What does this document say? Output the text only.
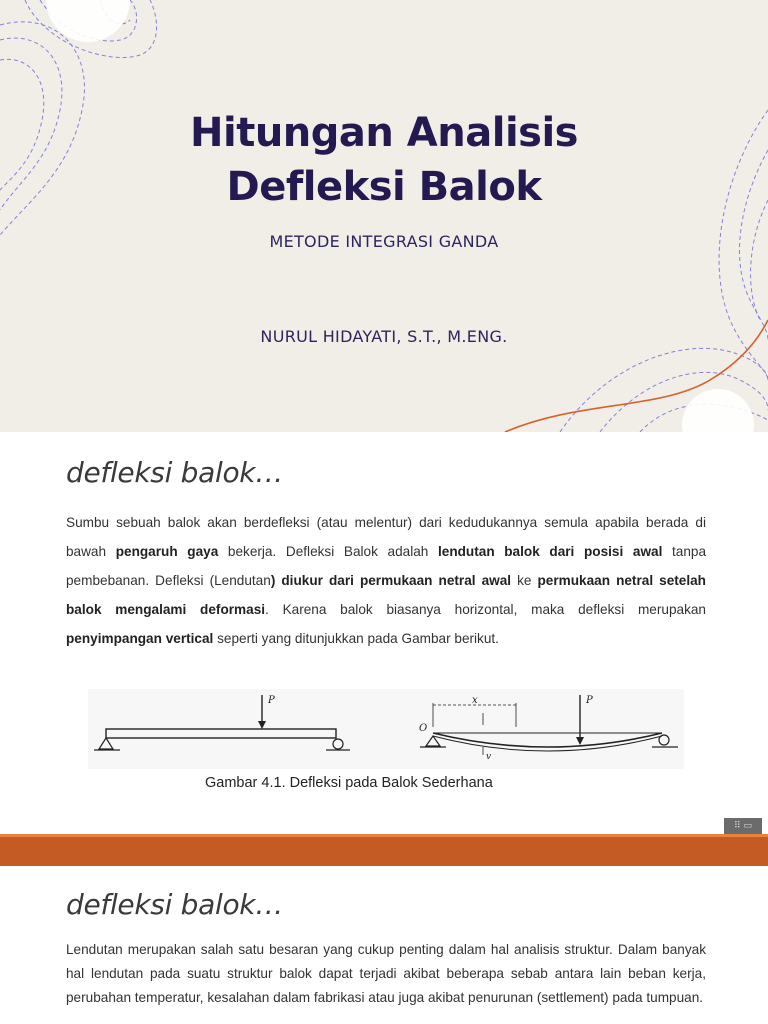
Hitungan Analisis
Defleksi Balok
METODE INTEGRASI GANDA
NURUL HIDAYATI, S.T., M.ENG.
defleksi balok…

Sumbu sebuah balok akan berdefleksi (atau melentur) dari kedudukannya semula apabila berada di bawah pengaruh gaya bekerja. Defleksi Balok adalah lendutan balok dari posisi awal tanpa pembebanan. Defleksi (Lendutan) diukur dari permukaan netral awal ke permukaan netral setelah balok mengalami deformasi. Karena balok biasanya horizontal, maka defleksi merupakan penyimpangan vertical seperti yang ditunjukkan pada Gambar berikut.

P	x
v
O
P
Gambar 4.1. Defleksi pada Balok Sederhana
⠿ ▭
defleksi balok…

Lendutan merupakan salah satu besaran yang cukup penting dalam hal analisis struktur. Dalam banyak hal lendutan pada suatu struktur balok dapat terjadi akibat beberapa sebab antara lain beban kerja, perubahan temperatur, kesalahan dalam fabrikasi atau juga akibat penurunan (settlement) pada tumpuan.
